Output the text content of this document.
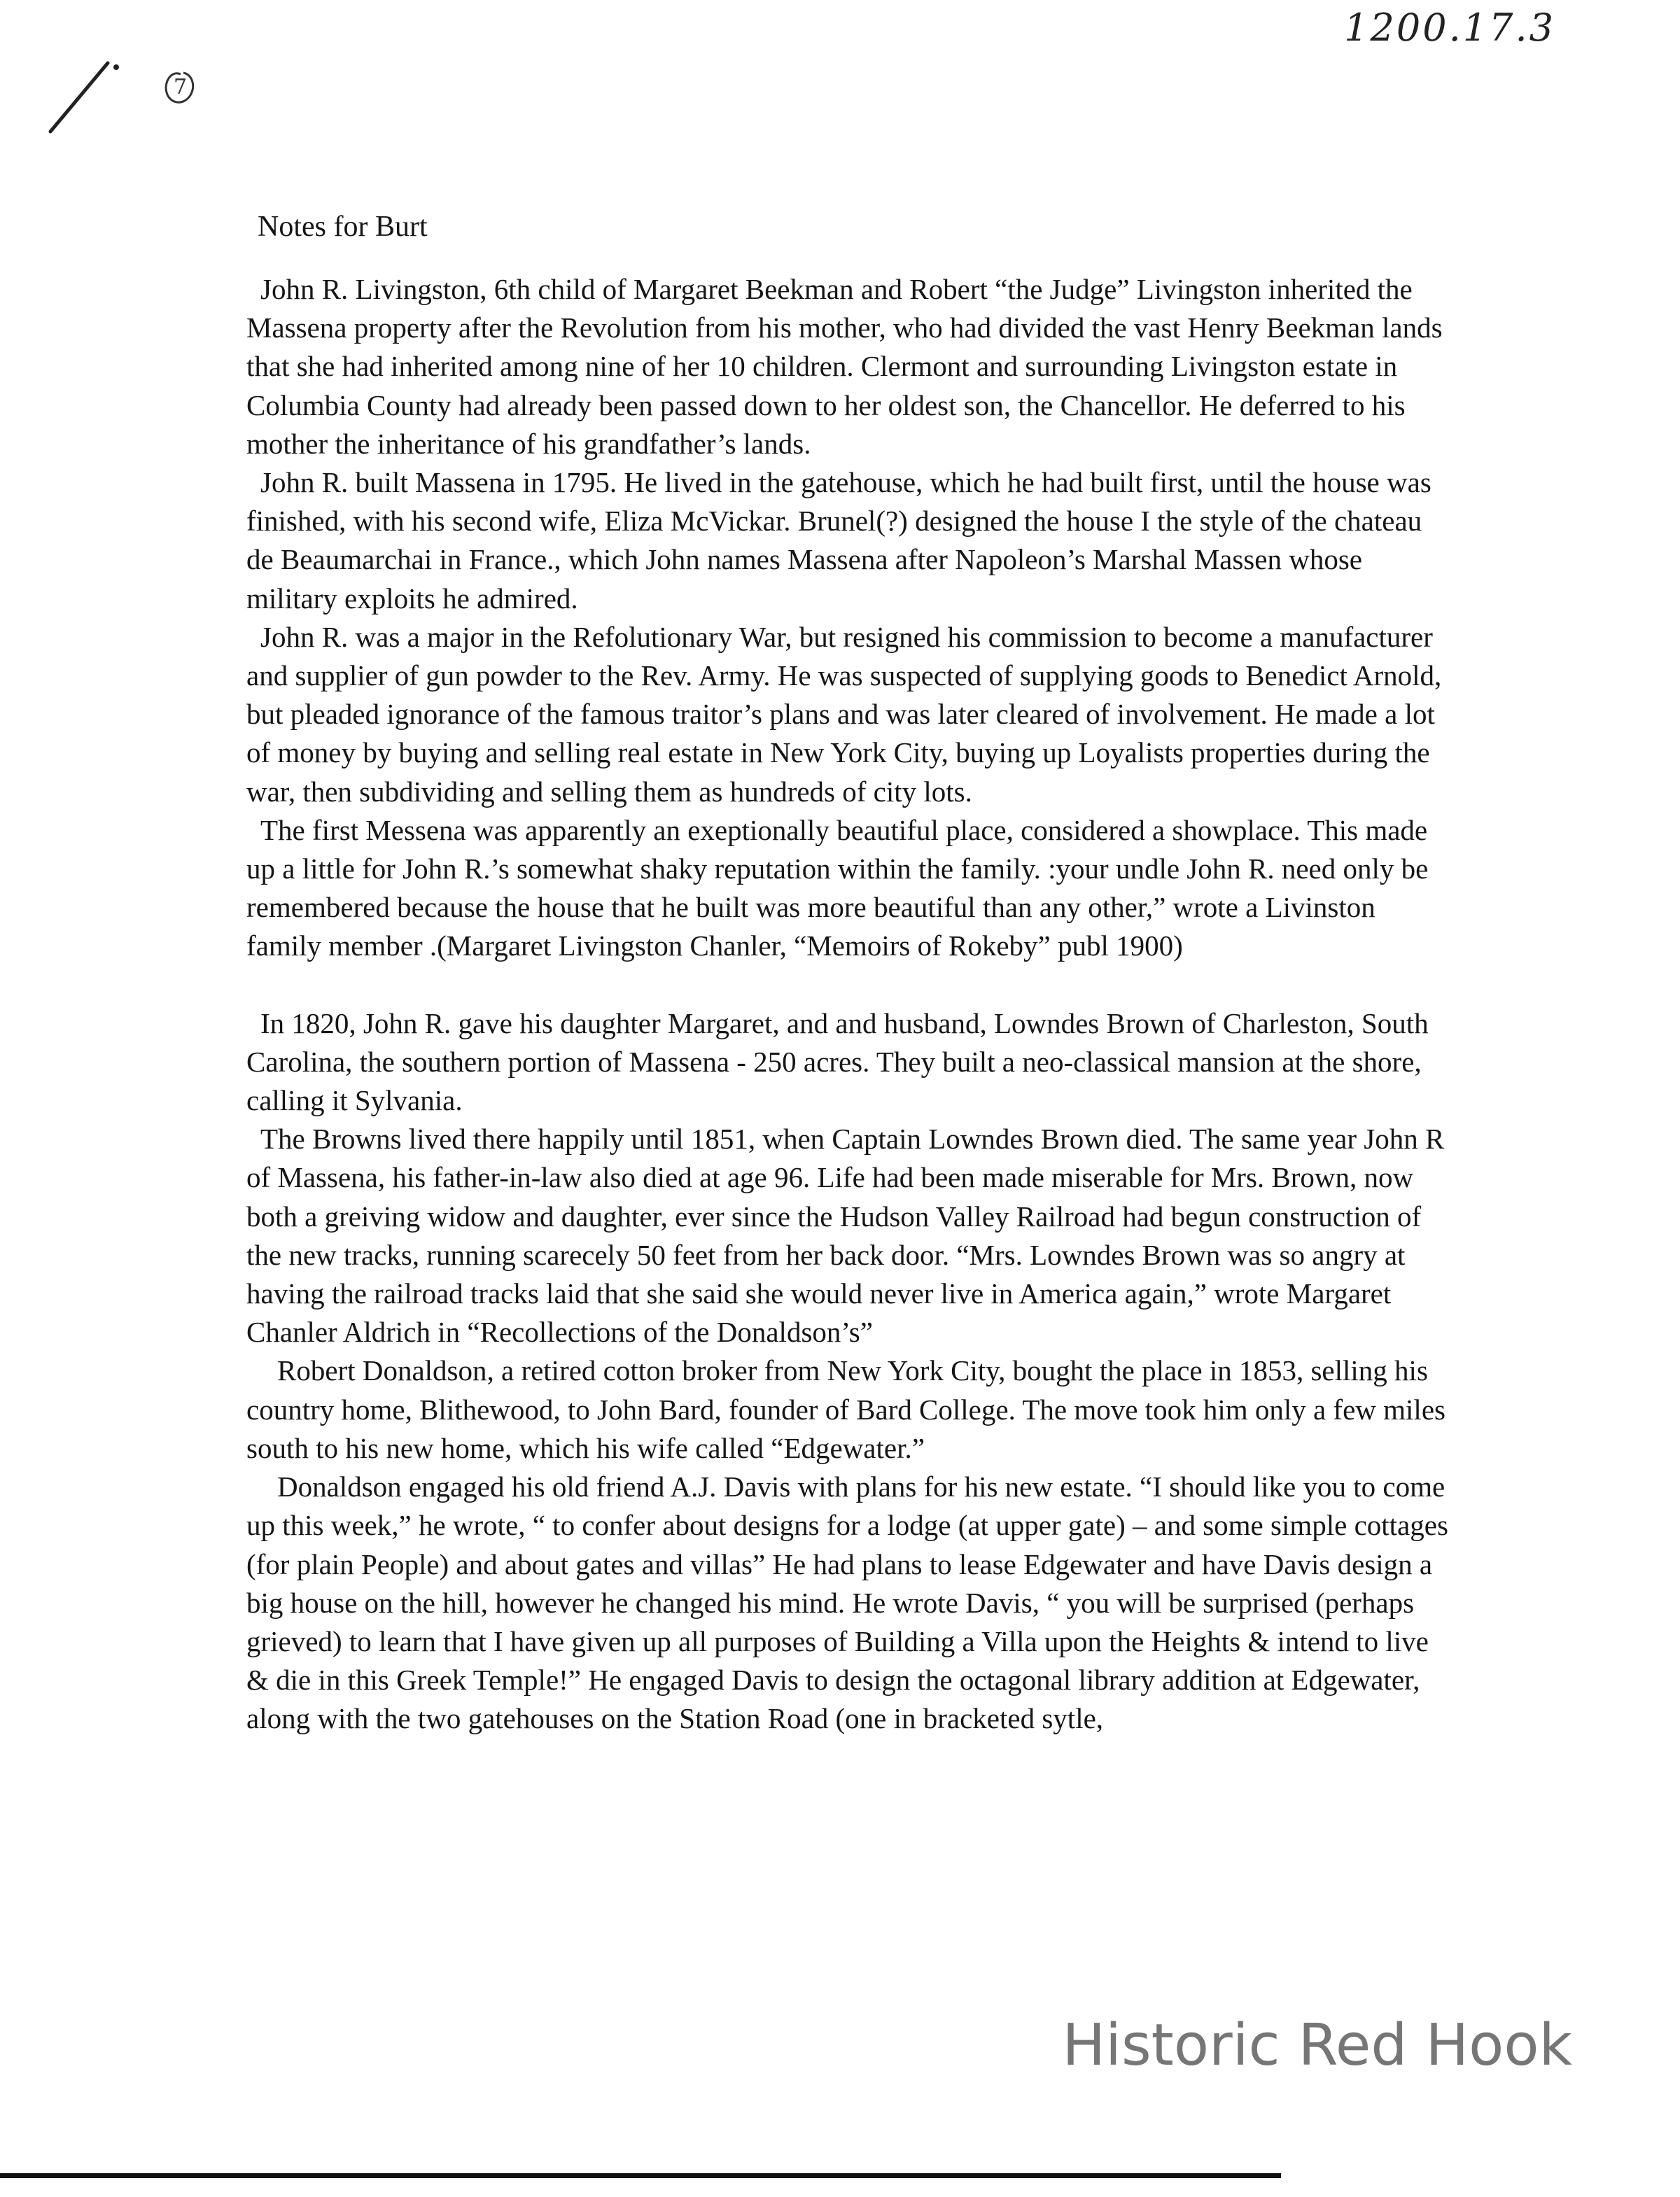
1200.17.3
7

Notes for Burt

John R. Livingston, 6th child of Margaret Beekman and Robert “the Judge” Livingston inherited the Massena property after the Revolution from his mother, who had divided the vast Henry Beekman lands that she had inherited among nine of her 10 children. Clermont and surrounding Livingston estate in Columbia County had already been passed down to her oldest son, the Chancellor. He deferred to his mother the inheritance of his grandfather’s lands.

John R. built Massena in 1795. He lived in the gatehouse, which he had built first, until the house was finished, with his second wife, Eliza McVickar. Brunel(?) designed the house I the style of the chateau de Beaumarchai in France., which John names Massena after Napoleon’s Marshal Massen whose military exploits he admired.

John R. was a major in the Refolutionary War, but resigned his commission to become a manufacturer and supplier of gun powder to the Rev. Army. He was suspected of supplying goods to Benedict Arnold, but pleaded ignorance of the famous traitor’s plans and was later cleared of involvement. He made a lot of money by buying and selling real estate in New York City, buying up Loyalists properties during the war, then subdividing and selling them as hundreds of city lots.

The first Messena was apparently an exeptionally beautiful place, considered a showplace. This made up a little for John R.’s somewhat shaky reputation within the family. :your undle John R. need only be remembered because the house that he built was more beautiful than any other,” wrote a Livinston family member .(Margaret Livingston Chanler, “Memoirs of Rokeby” publ 1900)

In 1820, John R. gave his daughter Margaret, and and husband, Lowndes Brown of Charleston, South Carolina, the southern portion of Massena - 250 acres. They built a neo-classical mansion at the shore, calling it Sylvania.

The Browns lived there happily until 1851, when Captain Lowndes Brown died. The same year John R of Massena, his father-in-law also died at age 96. Life had been made miserable for Mrs. Brown, now both a greiving widow and daughter, ever since the Hudson Valley Railroad had begun construction of the new tracks, running scarecely 50 feet from her back door. “Mrs. Lowndes Brown was so angry at having the railroad tracks laid that she said she would never live in America again,” wrote Margaret Chanler Aldrich in “Recollections of the Donaldson’s”

Robert Donaldson, a retired cotton broker from New York City, bought the place in 1853, selling his country home, Blithewood, to John Bard, founder of Bard College. The move took him only a few miles south to his new home, which his wife called “Edgewater.”

Donaldson engaged his old friend A.J. Davis with plans for his new estate. “I should like you to come up this week,” he wrote, “ to confer about designs for a lodge (at upper gate) – and some simple cottages (for plain People) and about gates and villas” He had plans to lease Edgewater and have Davis design a big house on the hill, however he changed his mind. He wrote Davis, “ you will be surprised (perhaps grieved) to learn that I have given up all purposes of Building a Villa upon the Heights & intend to live & die in this Greek Temple!” He engaged Davis to design the octagonal library addition at Edgewater, along with the two gatehouses on the Station Road (one in bracketed sytle,

Historic Red Hook
